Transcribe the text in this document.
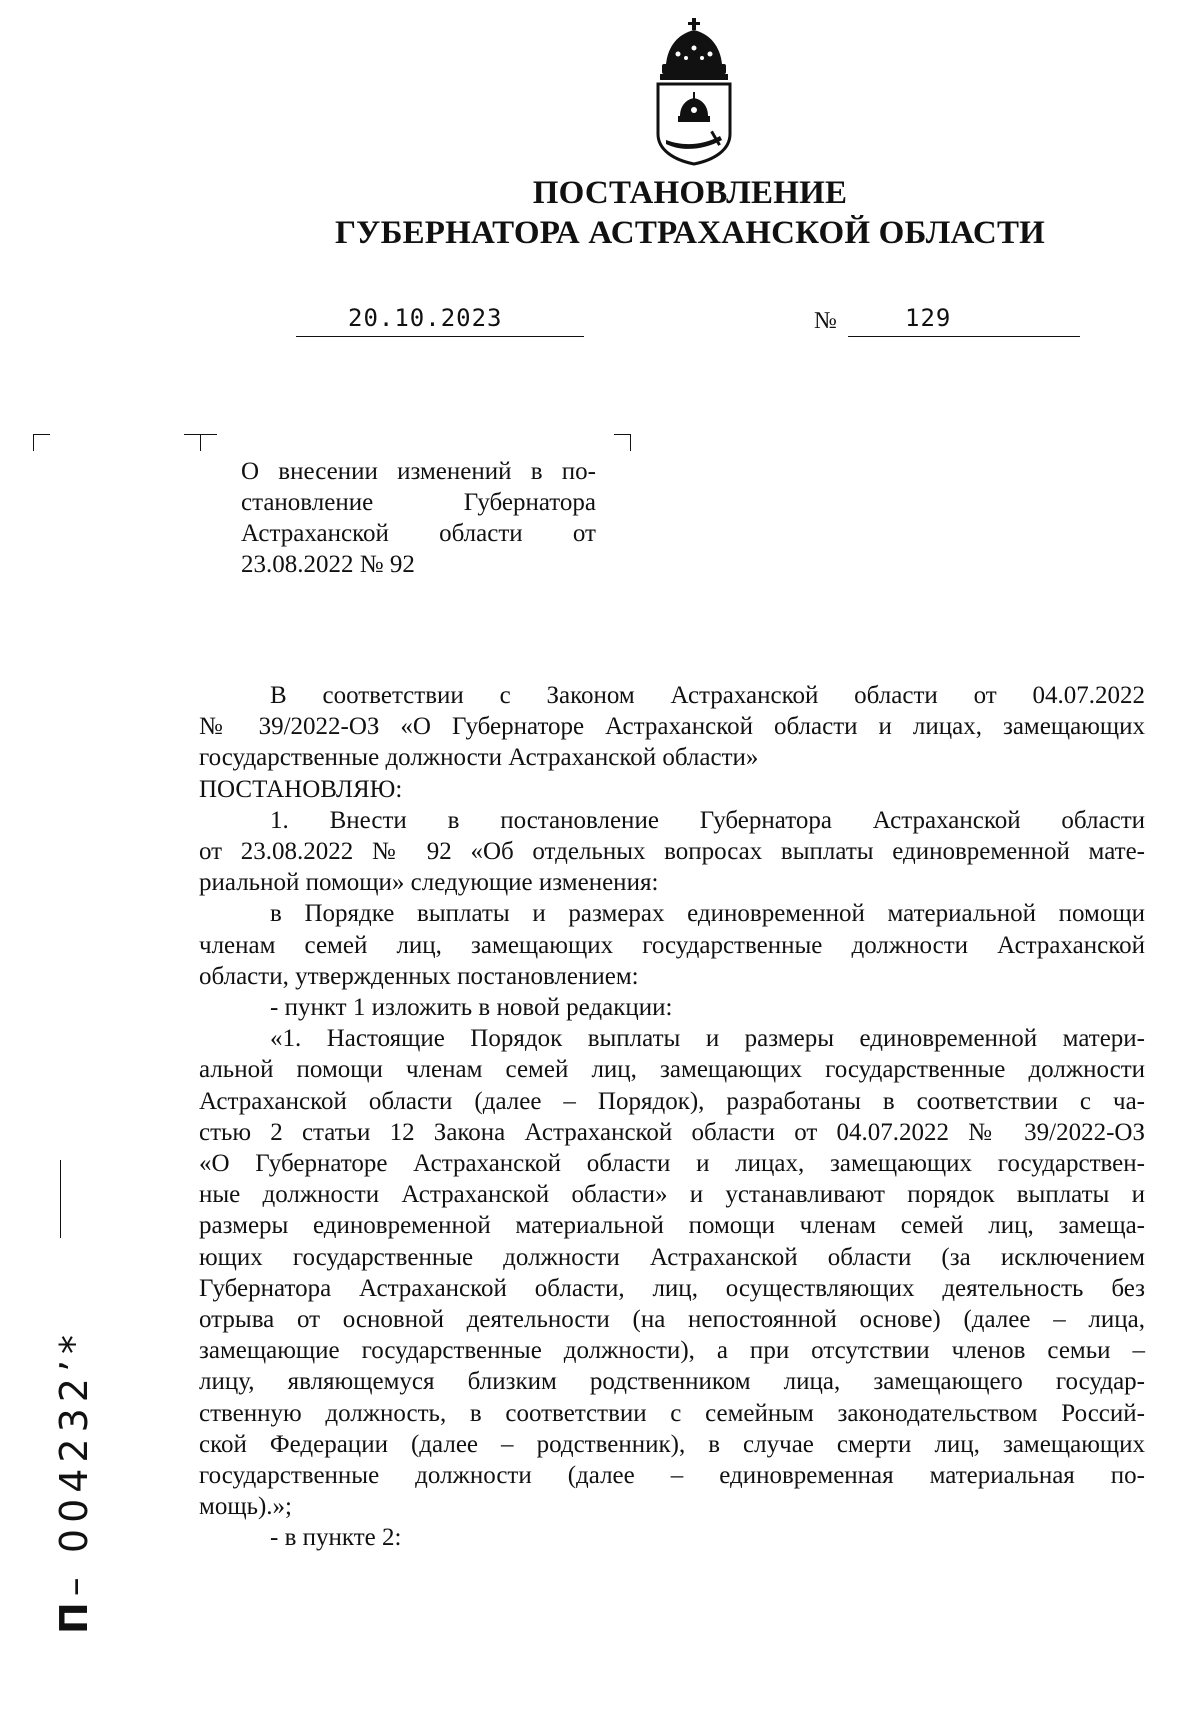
ПОСТАНОВЛЕНИЕ
ГУБЕРНАТОРА АСТРАХАНСКОЙ ОБЛАСТИ
20.10.2023	№	129
О внесении изменений в по-
становление Губернатора
Астраханской области от
23.08.2022 № 92
В соответствии с Законом Астраханской области от 04.07.2022
№ 39/2022-ОЗ «О Губернаторе Астраханской области и лицах, замещающих
государственные должности Астраханской области»
ПОСТАНОВЛЯЮ:
1. Внести в постановление Губернатора Астраханской области
от 23.08.2022 № 92 «Об отдельных вопросах выплаты единовременной мате-
риальной помощи» следующие изменения:
в Порядке выплаты и размерах единовременной материальной помощи
членам семей лиц, замещающих государственные должности Астраханской
области, утвержденных постановлением:
- пункт 1 изложить в новой редакции:
«1. Настоящие Порядок выплаты и размеры единовременной матери-
альной помощи членам семей лиц, замещающих государственные должности
Астраханской области (далее – Порядок), разработаны в соответствии с ча-
стью 2 статьи 12 Закона Астраханской области от 04.07.2022 № 39/2022-ОЗ
«О Губернаторе Астраханской области и лицах, замещающих государствен-
ные должности Астраханской области» и устанавливают порядок выплаты и
размеры единовременной материальной помощи членам семей лиц, замеща-
ющих государственные должности Астраханской области (за исключением
Губернатора Астраханской области, лиц, осуществляющих деятельность без
отрыва от основной деятельности (на непостоянной основе) (далее – лица,
замещающие государственные должности), а при отсутствии членов семьи –
лицу, являющемуся близким родственником лица, замещающего государ-
ственную должность, в соответствии с семейным законодательством Россий-
ской Федерации (далее – родственник), в случае смерти лиц, замещающих
государственные должности (далее – единовременная материальная по-
мощь).»;
- в пункте 2:
П– 004232’*
